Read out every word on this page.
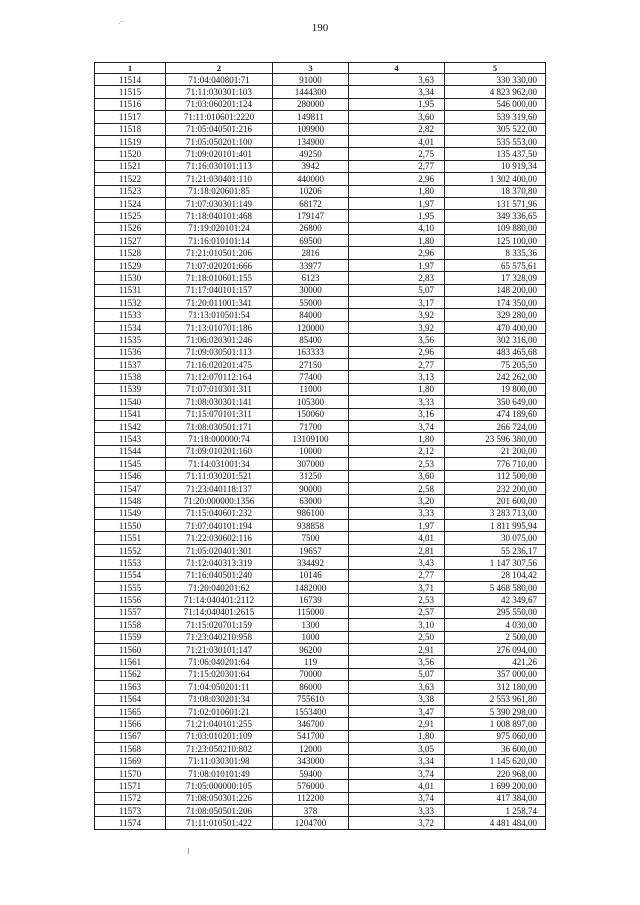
.-·
190
1	2	3	4	5
11514	71:04:040801:71	91000	3,63	330 330,00
11515	71:11:030301:103	1444300	3,34	4 823 962,00
11516	71:03:060201:124	280000	1,95	546 000,00
11517	71:11:010601:2220	149811	3,60	539 319,60
11518	71:05:040501:216	109900	2,82	305 522,00
11519	71:05:050201:100	134900	4,01	535 553,00
11520	71:09:020101:401	49250	2,75	135 437,50
11521	71:16:030101:113	3942	2,77	10 919,34
11522	71:21:030401:110	440000	2,96	1 302 400,00
11523	71:18:020601:85	10206	1,80	18 370,80
11524	71:07:030301:149	68172	1,97	131 571,96
11525	71:18:040101:468	179147	1,95	349 336,65
11526	71:19:020101:24	26800	4,10	109 880,00
11527	71:16:010101:14	69500	1,80	125 100,00
11528	71:21:010501:206	2816	2,96	8 335,36
11529	71:07:020201:666	33977	1,97	65 575,61
11530	71:18:010601:155	6123	2,83	17 328,09
11531	71:17:040101:157	30000	5,07	148 200,00
11532	71:20:011001:341	55000	3,17	174 350,00
11533	71:13:010501:54	84000	3,92	329 280,00
11534	71:13:010701:186	120000	3,92	470 400,00
11535	71:06:020301:246	85400	3,56	302 316,00
11536	71:09:030501:113	163333	2,96	483 465,68
11537	71:16:020201:475	27150	2,77	75 205,50
11538	71:12:070112:164	77400	3,13	242 262,00
11539	71:07:010301:311	11000	1,80	19 800,00
11540	71:08:030301:141	105300	3,33	350 649,00
11541	71:15:070101:311	150060	3,16	474 189,60
11542	71:08:030501:171	71700	3,74	266 724,00
11543	71:18:000000:74	13109100	1,80	23 596 380,00
11544	71:09:010201:160	10000	2,12	21 200,00
11545	71:14:031001:34	307000	2,53	776 710,00
11546	71:11:030201:521	31250	3,60	112 500,00
11547	71:23:040118:137	90000	2,58	232 200,00
11548	71:20:000000:1356	63000	3,20	201 600,00
11549	71:15:040601:232	986100	3,33	3 283 713,00
11550	71:07:040101:194	938858	1,97	1 811 995,94
11551	71:22:030602:116	7500	4,01	30 075,00
11552	71:05:020401:301	19657	2,81	55 236,17
11553	71:12:040313:319	334492	3,43	1 147 307,56
11554	71:16:040501:240	10146	2,77	28 104,42
11555	71:20:040201:62	1482000	3,71	5 468 580,00
11556	71:14:040401:2112	16739	2,53	42 349,67
11557	71:14:040401:2615	115000	2,57	295 550,00
11558	71:15:020701:159	1300	3,10	4 030,00
11559	71:23:040210:958	1000	2,50	2 500,00
11560	71:21:030101:147	96200	2,91	276 094,00
11561	71:06:040201:64	119	3,56	421,26
11562	71:15:020301:64	70000	5,07	357 000,00
11563	71:04:050201:11	86000	3,63	312 180,00
11564	71:08:030201:34	755610	3,38	2 553 961,80
11565	71:02:010601:21	1553400	3,47	5 390 298,00
11566	71:21:040101:255	346700	2,91	1 008 897,00
11567	71:03:010201:109	541700	1,80	975 060,00
11568	71:23:050210:802	12000	3,05	36 600,00
11569	71:11:030301:98	343000	3,34	1 145 620,00
11570	71:08:010101:49	59400	3,74	220 968,00
11571	71:05:000000:105	576000	4,01	1 699 200,00
11572	71:08:050301:226	112200	3,74	417 384,00
11573	71:08:050501:206	378	3,33	1 258,74
11574	71:11:010501:422	1204700	3,72	4 481 484,00
